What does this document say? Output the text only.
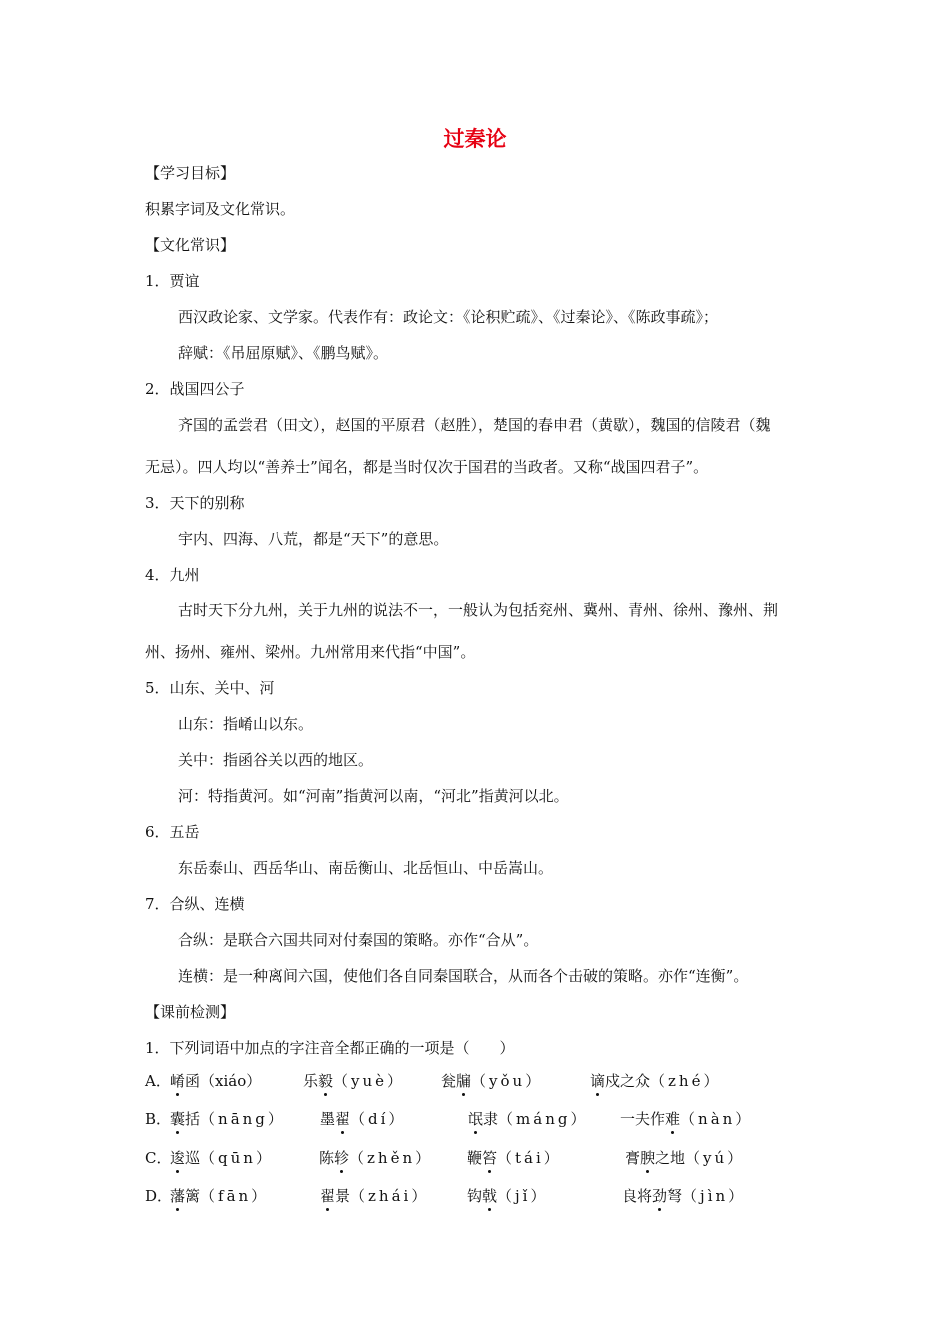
过秦论
【学习目标】
积累字词及文化常识。
【文化常识】
1．贾谊
西汉政论家、文学家。代表作有：政论文：《论积贮疏》、《过秦论》、《陈政事疏》；
辞赋：《吊屈原赋》、《鹏鸟赋》。
2．战国四公子
齐国的孟尝君（田文），赵国的平原君（赵胜），楚国的春申君（黄歇），魏国的信陵君（魏
无忌）。四人均以“善养士”闻名，都是当时仅次于国君的当政者。又称“战国四君子”。
3．天下的别称
宇内、四海、八荒，都是“天下”的意思。
4．九州
古时天下分九州，关于九州的说法不一，一般认为包括兖州、冀州、青州、徐州、豫州、荆
州、扬州、雍州、梁州。九州常用来代指“中国”。
5．山东、关中、河
山东：指崤山以东。
关中：指函谷关以西的地区。
河：特指黄河。如“河南”指黄河以南，“河北”指黄河以北。
6．五岳
东岳泰山、西岳华山、南岳衡山、北岳恒山、中岳嵩山。
7．合纵、连横
合纵：是联合六国共同对付秦国的策略。亦作“合从”。
连横：是一种离间六国，使他们各自同秦国联合，从而各个击破的策略。亦作“连衡”。
【课前检测】
1．下列词语中加点的字注音全都正确的一项是（　　）
A． 崤函（xiáo）	乐毅（yuè） 瓮牖（yǒu）	谪戍之众（zhé）
B．
囊括（nāng） 墨翟（dí）	氓隶（máng） 一夫作难（nàn）
C．
逡巡（qūn）	陈轸（zhěn） 鞭笞（tái）	膏腴之地（yú）
D．
藩篱（fān）	翟景（zhái）	钩戟（jǐ）	良将劲弩（jìn）
